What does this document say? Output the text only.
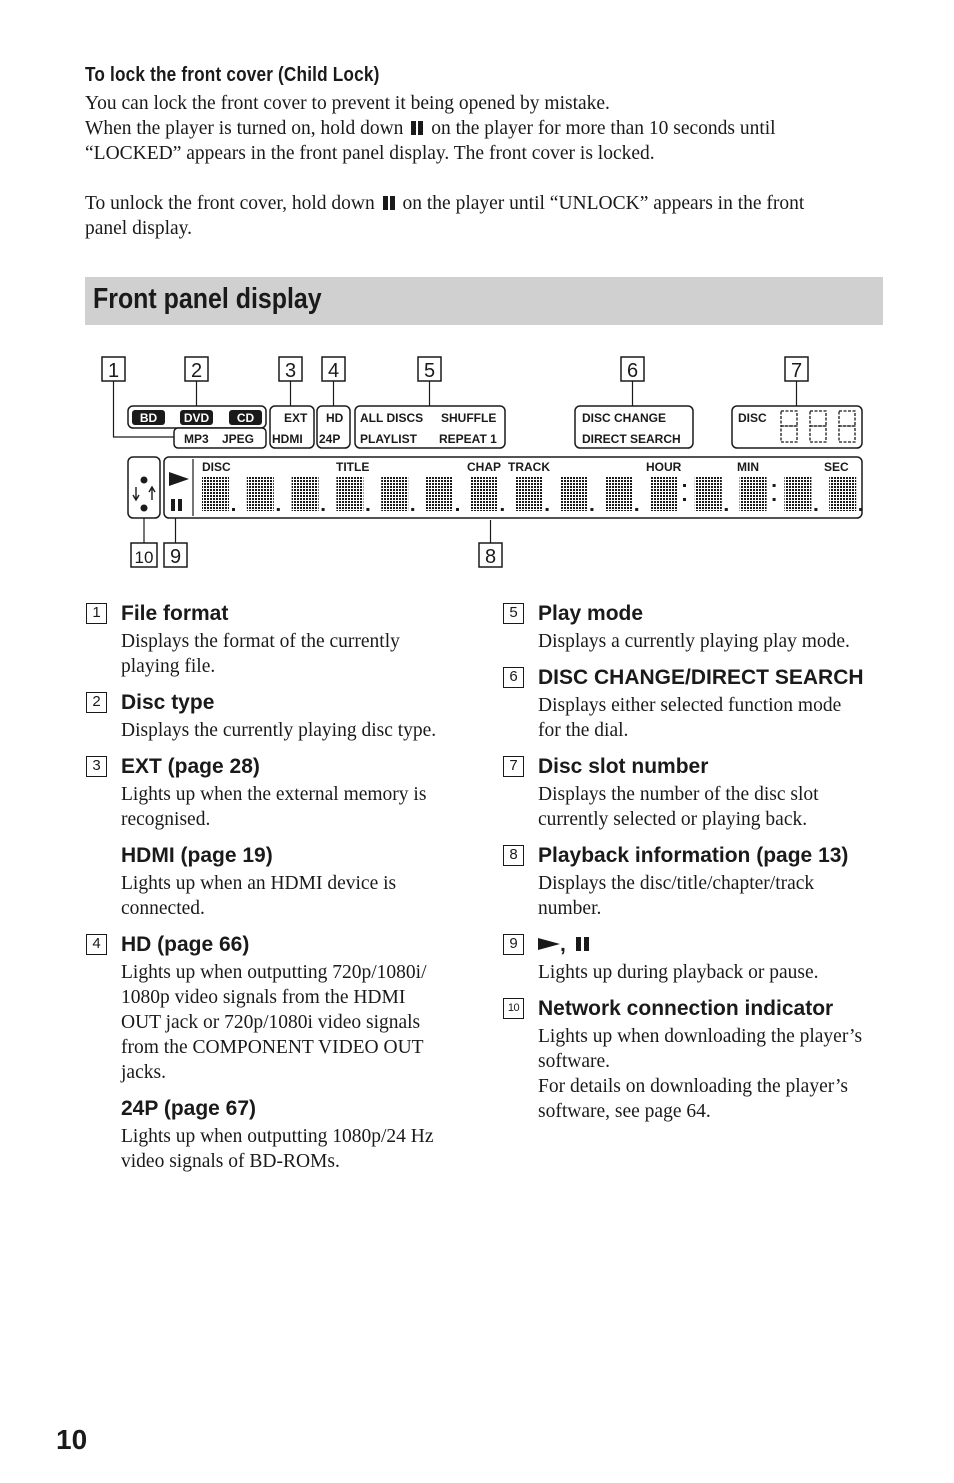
To lock the front cover (Child Lock)
You can lock the front cover to prevent it being opened by mistake.
When the player is turned on, hold down on the player for more than 10 seconds until
“LOCKED” appears in the front panel display. The front cover is locked.
To unlock the front cover, hold down on the player until “UNLOCK” appears in the front
panel display.
Front panel display
1	2	3 4	5	6	7
8
9
10
BD DVD CD
MP3 JPEG
EXT
HDMI
HD
24P
ALL DISCS SHUFFLE
PLAYLIST REPEAT 1
DISC CHANGE
DIRECT SEARCH
DISC
DISC	TITLE	CHAP TRACK	HOUR	MIN	SEC
1 File format
Displays the format of the currently
playing file.
2 Disc type
Displays the currently playing disc type.
3 EXT (page 28)
Lights up when the external memory is
recognised.
HDMI (page 19)
Lights up when an HDMI device is
connected.
4 HD (page 66)
Lights up when outputting 720p/1080i/
1080p video signals from the HDMI
OUT jack or 720p/1080i video signals
from the COMPONENT VIDEO OUT
jacks.
24P (page 67)
Lights up when outputting 1080p/24 Hz
video signals of BD-ROMs.
5 Play mode
Displays a currently playing play mode.
6 DISC CHANGE/DIRECT SEARCH
Displays either selected function mode
for the dial.
7 Disc slot number
Displays the number of the disc slot
currently selected or playing back.
8 Playback information (page 13)
Displays the disc/title/chapter/track
number.
9	,
Lights up during playback or pause.
10 Network connection indicator
Lights up when downloading the player’s
software.
For details on downloading the player’s
software, see page 64.
10
